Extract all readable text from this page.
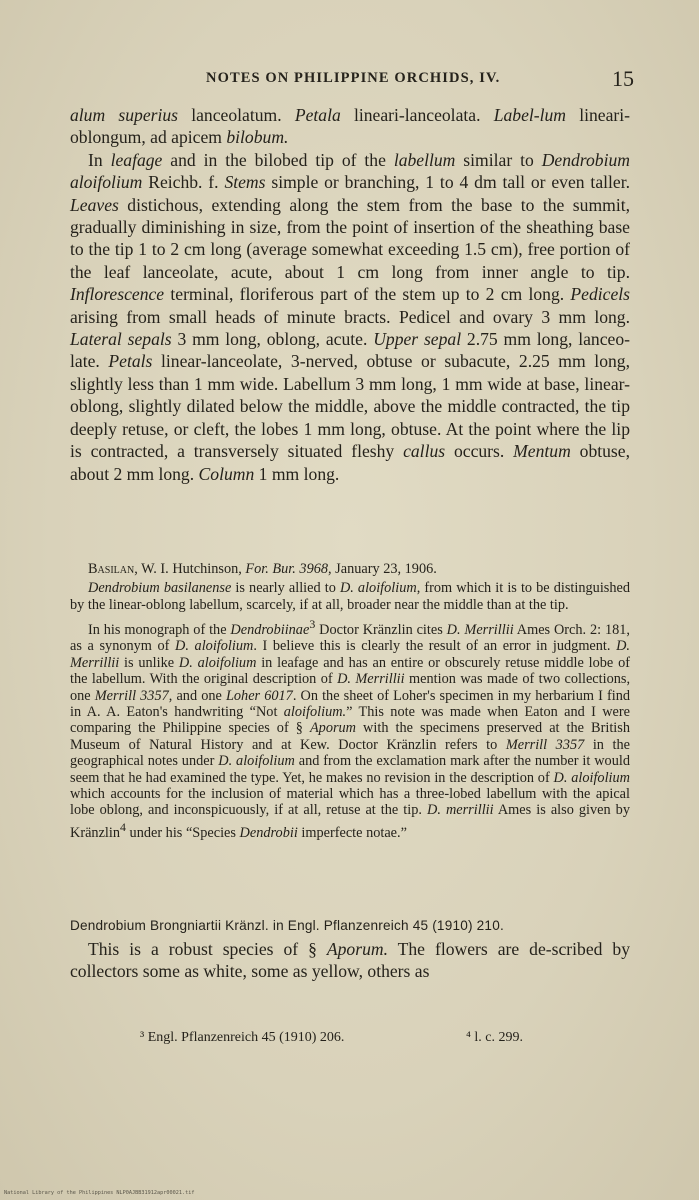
NOTES ON PHILIPPINE ORCHIDS, IV.	15

alum superius lanceolatum. Petala lineari-lanceolata. Label-lum lineari-oblongum, ad apicem bilobum.

In leafage and in the bilobed tip of the labellum similar to Dendrobium aloifolium Reichb. f. Stems simple or branching, 1 to 4 dm tall or even taller. Leaves distichous, extending along the stem from the base to the summit, gradually diminishing in size, from the point of insertion of the sheathing base to the tip 1 to 2 cm long (average somewhat exceeding 1.5 cm), free portion of the leaf lanceolate, acute, about 1 cm long from inner angle to tip. Inflorescence terminal, floriferous part of the stem up to 2 cm long. Pedicels arising from small heads of minute bracts. Pedicel and ovary 3 mm long. Lateral sepals 3 mm long, oblong, acute. Upper sepal 2.75 mm long, lanceo-late. Petals linear-lanceolate, 3-nerved, obtuse or subacute, 2.25 mm long, slightly less than 1 mm wide. Labellum 3 mm long, 1 mm wide at base, linear-oblong, slightly dilated below the middle, above the middle contracted, the tip deeply retuse, or cleft, the lobes 1 mm long, obtuse. At the point where the lip is contracted, a transversely situated fleshy callus occurs. Mentum obtuse, about 2 mm long. Column 1 mm long.

Basilan, W. I. Hutchinson, For. Bur. 3968, January 23, 1906.

Dendrobium basilanense is nearly allied to D. aloifolium, from which it is to be distinguished by the linear-oblong labellum, scarcely, if at all, broader near the middle than at the tip.

In his monograph of the Dendrobiinae$^3$ Doctor Kränzlin cites D. Merrillii Ames Orch. 2: 181, as a synonym of D. aloifolium. I believe this is clearly the result of an error in judgment. D. Merrillii is unlike D. aloifolium in leafage and has an entire or obscurely retuse middle lobe of the labellum. With the original description of D. Merrillii mention was made of two collections, one Merrill 3357, and one Loher 6017. On the sheet of Loher's specimen in my herbarium I find in A. A. Eaton's handwriting “Not aloifolium.” This note was made when Eaton and I were comparing the Philippine species of § Aporum with the specimens preserved at the British Museum of Natural History and at Kew. Doctor Kränzlin refers to Merrill 3357 in the geographical notes under D. aloifolium and from the exclamation mark after the number it would seem that he had examined the type. Yet, he makes no revision in the description of D. aloifolium which accounts for the inclusion of material which has a three-lobed labellum with the apical lobe oblong, and inconspicuously, if at all, retuse at the tip. D. merrillii Ames is also given by Kränzlin$^4$ under his “Species Dendrobii imperfecte notae.”

Dendrobium Brongniartii Kränzl. in Engl. Pflanzenreich 45 (1910) 210.

This is a robust species of § Aporum. The flowers are de-scribed by collectors some as white, some as yellow, others as

³ Engl. Pflanzenreich 45 (1910) 206.	⁴ l. c. 299.
National Library of the Philippines NLP0AJBB31912apr00021.tif
